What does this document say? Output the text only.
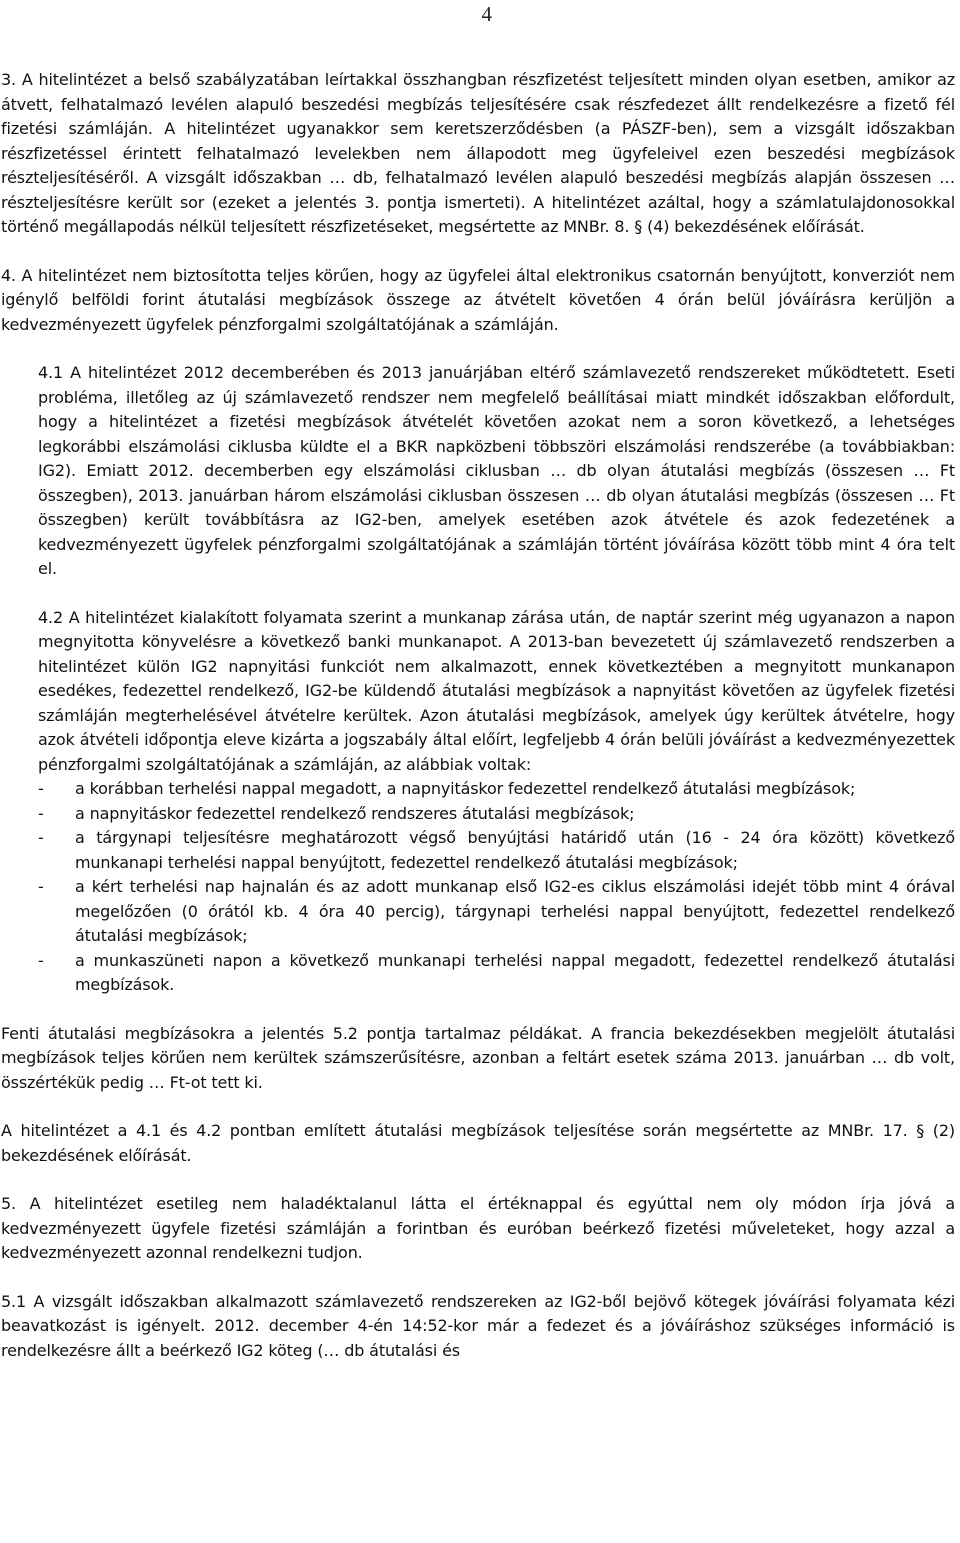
4

3. A hitelintézet a belső szabályzatában leírtakkal összhangban részfizetést teljesített minden olyan esetben, amikor az átvett, felhatalmazó levélen alapuló beszedési megbízás teljesítésére csak részfedezet állt rendelkezésre a fizető fél fizetési számláján. A hitelintézet ugyanakkor sem keretszerződésben (a PÁSZF-ben), sem a vizsgált időszakban részfizetéssel érintett felhatalmazó levelekben nem állapodott meg ügyfeleivel ezen beszedési megbízások részteljesítéséről. A vizsgált időszakban … db, felhatalmazó levélen alapuló beszedési megbízás alapján összesen … részteljesítésre került sor (ezeket a jelentés 3. pontja ismerteti). A hitelintézet azáltal, hogy a számlatulajdonosokkal történő megállapodás nélkül teljesített részfizetéseket, megsértette az MNBr. 8. § (4) bekezdésének előírását.

4. A hitelintézet nem biztosította teljes körűen, hogy az ügyfelei által elektronikus csatornán benyújtott, konverziót nem igénylő belföldi forint átutalási megbízások összege az átvételt követően 4 órán belül jóváírásra kerüljön a kedvezményezett ügyfelek pénzforgalmi szolgáltatójának a számláján.

4.1 A hitelintézet 2012 decemberében és 2013 januárjában eltérő számlavezető rendszereket működtetett. Eseti probléma, illetőleg az új számlavezető rendszer nem megfelelő beállításai miatt mindkét időszakban előfordult, hogy a hitelintézet a fizetési megbízások átvételét követően azokat nem a soron következő, a lehetséges legkorábbi elszámolási ciklusba küldte el a BKR napközbeni többszöri elszámolási rendszerébe (a továbbiakban: IG2). Emiatt 2012. decemberben egy elszámolási ciklusban … db olyan átutalási megbízás (összesen … Ft összegben), 2013. januárban három elszámolási ciklusban összesen … db olyan átutalási megbízás (összesen … Ft összegben) került továbbításra az IG2-ben, amelyek esetében azok átvétele és azok fedezetének a kedvezményezett ügyfelek pénzforgalmi szolgáltatójának a számláján történt jóváírása között több mint 4 óra telt el.

4.2 A hitelintézet kialakított folyamata szerint a munkanap zárása után, de naptár szerint még ugyanazon a napon megnyitotta könyvelésre a következő banki munkanapot. A 2013-ban bevezetett új számlavezető rendszerben a hitelintézet külön IG2 napnyitási funkciót nem alkalmazott, ennek következtében a megnyitott munkanapon esedékes, fedezettel rendelkező, IG2-be küldendő átutalási megbízások a napnyitást követően az ügyfelek fizetési számláján megterhelésével átvételre kerültek. Azon átutalási megbízások, amelyek úgy kerültek átvételre, hogy azok átvételi időpontja eleve kizárta a jogszabály által előírt, legfeljebb 4 órán belüli jóváírást a kedvezményezettek pénzforgalmi szolgáltatójának a számláján, az alábbiak voltak:

- a korábban terhelési nappal megadott, a napnyitáskor fedezettel rendelkező átutalási megbízások;
- a napnyitáskor fedezettel rendelkező rendszeres átutalási megbízások;
- a tárgynapi teljesítésre meghatározott végső benyújtási határidő után (16 - 24 óra között) következő munkanapi terhelési nappal benyújtott, fedezettel rendelkező átutalási megbízások;
- a kért terhelési nap hajnalán és az adott munkanap első IG2-es ciklus elszámolási idejét több mint 4 órával megelőzően (0 órától kb. 4 óra 40 percig), tárgynapi terhelési nappal benyújtott, fedezettel rendelkező átutalási megbízások;
- a munkaszüneti napon a következő munkanapi terhelési nappal megadott, fedezettel rendelkező átutalási megbízások.

Fenti átutalási megbízásokra a jelentés 5.2 pontja tartalmaz példákat. A francia bekezdésekben megjelölt átutalási megbízások teljes körűen nem kerültek számszerűsítésre, azonban a feltárt esetek száma 2013. januárban … db volt, összértékük pedig … Ft-ot tett ki.

A hitelintézet a 4.1 és 4.2 pontban említett átutalási megbízások teljesítése során megsértette az MNBr. 17. § (2) bekezdésének előírását.

5. A hitelintézet esetileg nem haladéktalanul látta el értéknappal és egyúttal nem oly módon írja jóvá a kedvezményezett ügyfele fizetési számláján a forintban és euróban beérkező fizetési műveleteket, hogy azzal a kedvezményezett azonnal rendelkezni tudjon.

5.1 A vizsgált időszakban alkalmazott számlavezető rendszereken az IG2-ből bejövő kötegek jóváírási folyamata kézi beavatkozást is igényelt. 2012. december 4-én 14:52-kor már a fedezet és a jóváíráshoz szükséges információ is rendelkezésre állt a beérkező IG2 köteg (… db átutalási és
